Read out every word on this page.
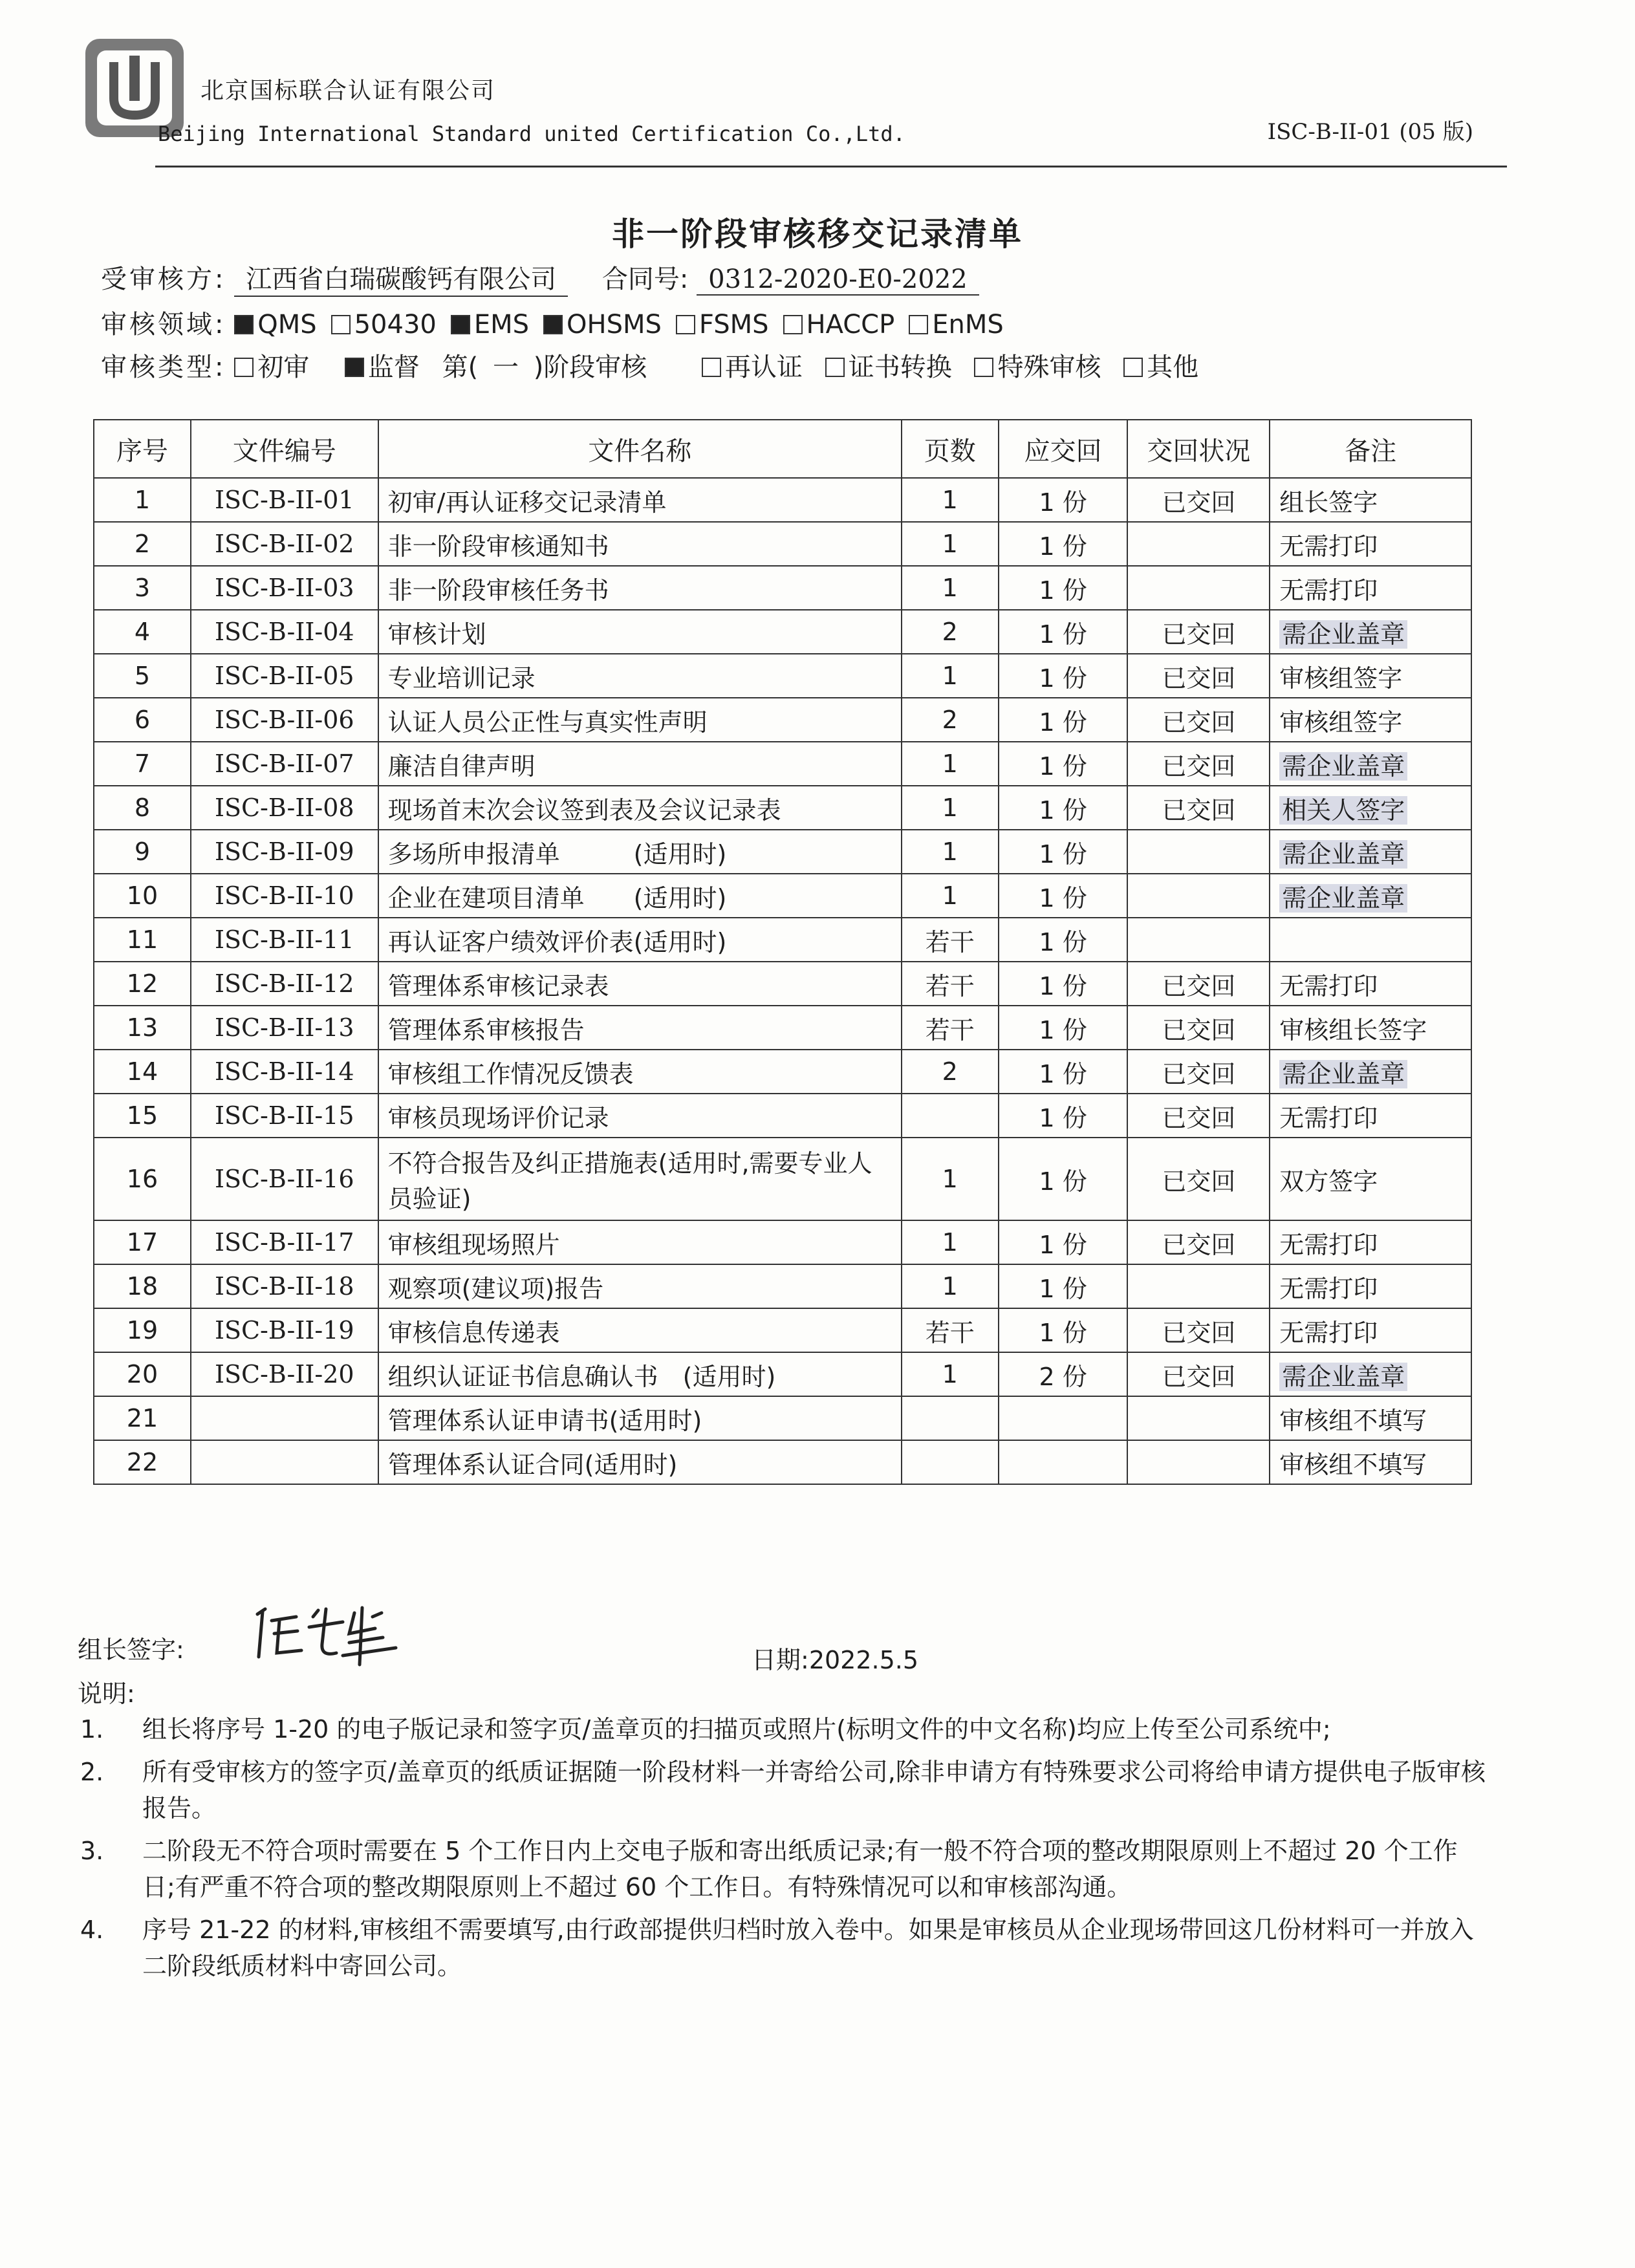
北京国标联合认证有限公司
Beijing International Standard united Certification Co.,Ltd.	ISC-B-II-01 (05 版)
非一阶段审核移交记录清单
受审核方: 江西省白瑞碳酸钙有限公司 合同号: 0312-2020-E0-2022
审核领域: QMS 50430 EMS OHSMS FSMS HACCP EnMS
审核类型: 初审 监督 第( 一 )阶段审核	再认证 证书转换 特殊审核 其他
序号	文件编号	文件名称	页数	应交回	交回状况	备注
1	ISC-B-II-01	初审/再认证移交记录清单	1	1 份	已交回	组长签字
2	ISC-B-II-02	非一阶段审核通知书	1	1 份		无需打印
3	ISC-B-II-03	非一阶段审核任务书	1	1 份		无需打印
4	ISC-B-II-04	审核计划	2	1 份	已交回	需企业盖章
5	ISC-B-II-05	专业培训记录	1	1 份	已交回	审核组签字
6	ISC-B-II-06	认证人员公正性与真实性声明	2	1 份	已交回	审核组签字
7	ISC-B-II-07	廉洁自律声明	1	1 份	已交回	需企业盖章
8	ISC-B-II-08	现场首末次会议签到表及会议记录表	1	1 份	已交回	相关人签字
9	ISC-B-II-09	多场所申报清单　　　(适用时)	1	1 份		需企业盖章
10	ISC-B-II-10	企业在建项目清单　　(适用时)	1	1 份		需企业盖章
11	ISC-B-II-11	再认证客户绩效评价表(适用时)	若干	1 份		
12	ISC-B-II-12	管理体系审核记录表	若干	1 份	已交回	无需打印
13	ISC-B-II-13	管理体系审核报告	若干	1 份	已交回	审核组长签字
14	ISC-B-II-14	审核组工作情况反馈表	2	1 份	已交回	需企业盖章
15	ISC-B-II-15	审核员现场评价记录		1 份	已交回	无需打印
16	ISC-B-II-16	不符合报告及纠正措施表(适用时,需要专业人员验证)	1	1 份	已交回	双方签字
17	ISC-B-II-17	审核组现场照片	1	1 份	已交回	无需打印
18	ISC-B-II-18	观察项(建议项)报告	1	1 份		无需打印
19	ISC-B-II-19	审核信息传递表	若干	1 份	已交回	无需打印
20	ISC-B-II-20	组织认证证书信息确认书　(适用时)	1	2 份	已交回	需企业盖章
21		管理体系认证申请书(适用时)				审核组不填写
22		管理体系认证合同(适用时)				审核组不填写
组长签字:	日期:2022.5.5
说明:
1.	组长将序号 1-20 的电子版记录和签字页/盖章页的扫描页或照片(标明文件的中文名称)均应上传至公司系统中;
2.	所有受审核方的签字页/盖章页的纸质证据随一阶段材料一并寄给公司,除非申请方有特殊要求公司将给申请方提供电子版审核报告。
3.	二阶段无不符合项时需要在 5 个工作日内上交电子版和寄出纸质记录;有一般不符合项的整改期限原则上不超过 20 个工作日;有严重不符合项的整改期限原则上不超过 60 个工作日。有特殊情况可以和审核部沟通。
4.	序号 21-22 的材料,审核组不需要填写,由行政部提供归档时放入卷中。如果是审核员从企业现场带回这几份材料可一并放入二阶段纸质材料中寄回公司。
